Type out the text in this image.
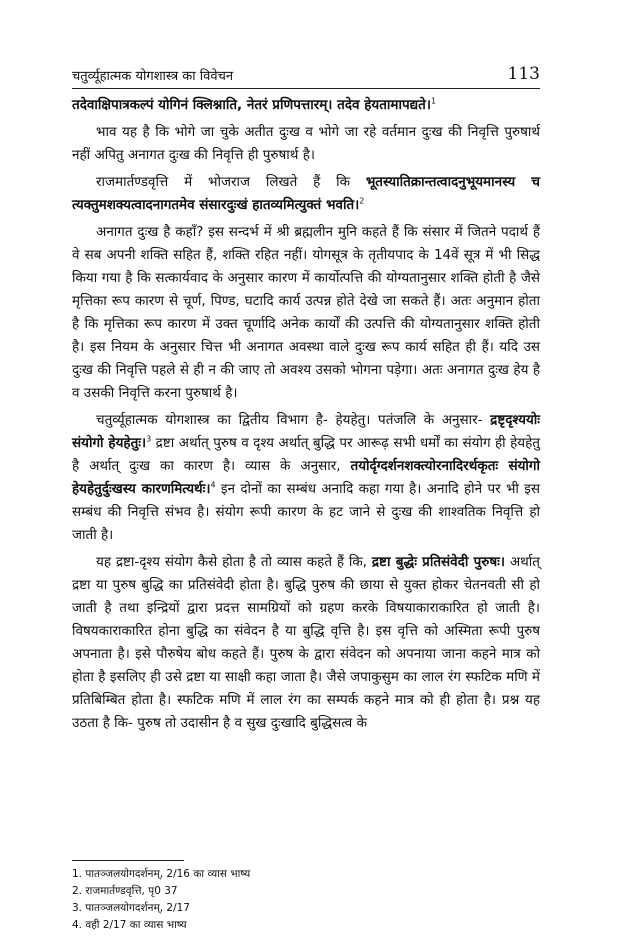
चतुर्व्यूहात्मक योगशास्त्र का विवेचन	113

तदेवाक्षिपात्रकल्पं योगिनं क्लिश्नाति, नेतरं प्रणिपत्तारम्। तदेव हेयतामापद्यते।$^1$

भाव यह है कि भोगे जा चुके अतीत दुःख व भोगे जा रहे वर्तमान दुःख की निवृत्ति पुरुषार्थ नहीं अपितु अनागत दुःख की निवृत्ति ही पुरुषार्थ है।

राजमार्तण्डवृत्ति में भोजराज लिखते हैं कि भूतस्यातिक्रान्तत्वादनुभूयमानस्य च त्यक्तुमशक्यत्वादनागतमेव संसारदुःखं हातव्यमित्युक्तं भवति।$^2$

अनागत दुःख है कहाँ? इस सन्दर्भ में श्री ब्रह्मलीन मुनि कहते हैं कि संसार में जितने पदार्थ हैं वे सब अपनी शक्ति सहित हैं, शक्ति रहित नहीं। योगसूत्र के तृतीयपाद के 14वें सूत्र में भी सिद्ध किया गया है कि सत्कार्यवाद के अनुसार कारण में कार्योत्पत्ति की योग्यतानुसार शक्ति होती है जैसे मृत्तिका रूप कारण से चूर्ण, पिण्ड, घटादि कार्य उत्पन्न होते देखे जा सकते हैं। अतः अनुमान होता है कि मृत्तिका रूप कारण में उक्त चूर्णादि अनेक कार्यों की उत्पत्ति की योग्यतानुसार शक्ति होती है। इस नियम के अनुसार चित्त भी अनागत अवस्था वाले दुःख रूप कार्य सहित ही हैं। यदि उस दुःख की निवृत्ति पहले से ही न की जाए तो अवश्य उसको भोगना पड़ेगा। अतः अनागत दुःख हेय है व उसकी निवृत्ति करना पुरुषार्थ है।

चतुर्व्यूहात्मक योगशास्त्र का द्वितीय विभाग है- हेयहेतु। पतंजलि के अनुसार- द्रष्टृदृश्ययोः संयोगो हेयहेतुः।$^3$ द्रष्टा अर्थात् पुरुष व दृश्य अर्थात् बुद्धि पर आरूढ़ सभी धर्मों का संयोग ही हेयहेतु है अर्थात् दुःख का कारण है। व्यास के अनुसार, तयोर्दृग्दर्शनशक्त्योरनादिरर्थकृतः संयोगो हेयहेतुर्दुःखस्य कारणमित्यर्थः।$^4$ इन दोनों का सम्बंध अनादि कहा गया है। अनादि होने पर भी इस सम्बंध की निवृत्ति संभव है। संयोग रूपी कारण के हट जाने से दुःख की शाश्वतिक निवृत्ति हो जाती है।

यह द्रष्टा-दृश्य संयोग कैसे होता है तो व्यास कहते हैं कि, द्रष्टा बुद्धेः प्रतिसंवेदी पुरुषः। अर्थात् द्रष्टा या पुरुष बुद्धि का प्रतिसंवेदी होता है। बुद्धि पुरुष की छाया से युक्त होकर चेतनवती सी हो जाती है तथा इन्द्रियों द्वारा प्रदत्त सामग्रियों को ग्रहण करके विषयाकाराकारित हो जाती है। विषयकाराकारित होना बुद्धि का संवेदन है या बुद्धि वृत्ति है। इस वृत्ति को अस्मिता रूपी पुरुष अपनाता है। इसे पौरुषेय बोध कहते हैं। पुरुष के द्वारा संवेदन को अपनाया जाना कहने मात्र को होता है इसलिए ही उसे द्रष्टा या साक्षी कहा जाता है। जैसे जपाकुसुम का लाल रंग स्फटिक मणि में प्रतिबिम्बित होता है। स्फटिक मणि में लाल रंग का सम्पर्क कहने मात्र को ही होता है। प्रश्न यह उठता है कि- पुरुष तो उदासीन है व सुख दुःखादि बुद्धिसत्व के

1. पातञ्जलयोगदर्शनम्, 2/16 का व्यास भाष्य
2. राजमार्तण्डवृत्ति, पृ0 37
3. पातञ्जलयोगदर्शनम्, 2/17
4. वही 2/17 का व्यास भाष्य
